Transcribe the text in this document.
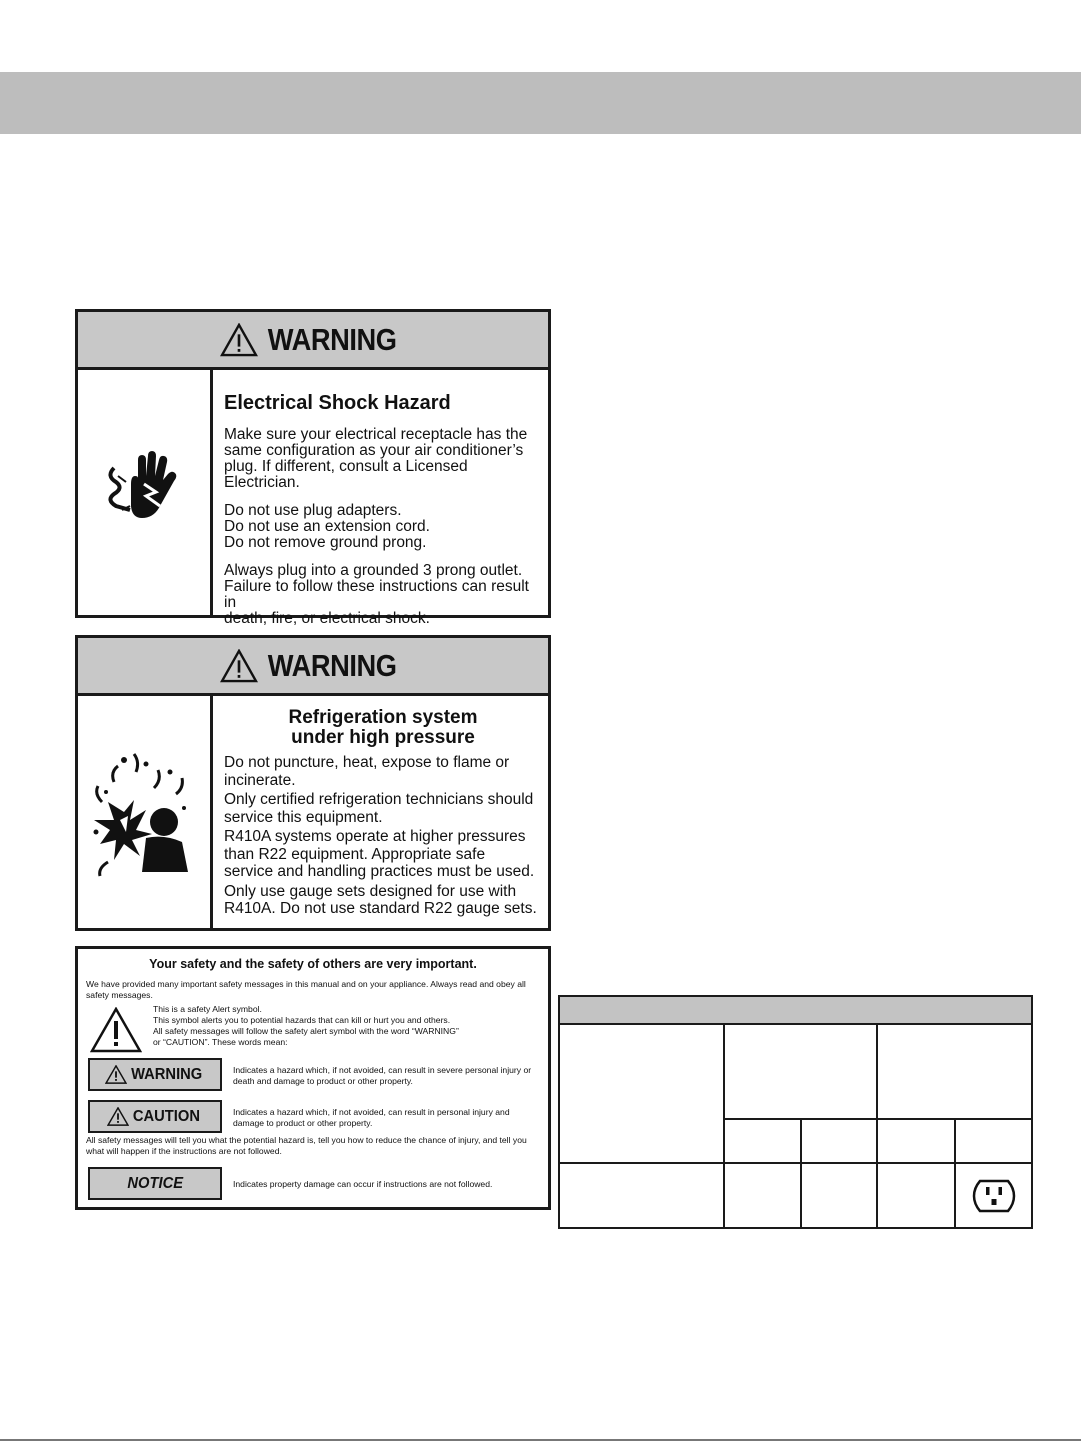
WARNING
Electrical Shock Hazard
Make sure your electrical receptacle has the
same configuration as your air conditioner’s
plug. If different, consult a Licensed Electrician.
Do not use plug adapters.
Do not use an extension cord.
Do not remove ground prong.
Always plug into a grounded 3 prong outlet.
Failure to follow these instructions can result in
death, fire, or electrical shock.
WARNING
Refrigeration system
under high pressure
Do not puncture, heat, expose to flame or
incinerate.
Only certified refrigeration technicians should
service this equipment.
R410A systems operate at higher pressures
than R22 equipment. Appropriate safe
service and handling practices must be used.
Only use gauge sets designed for use with
R410A. Do not use standard R22 gauge sets.
Your safety and the safety of others are very important.
We have provided many important safety messages in this manual and on your appliance. Always read and obey all safety messages.
This is a safety Alert symbol.
This symbol alerts you to potential hazards that can kill or hurt you and others.
All safety messages will follow the safety alert symbol with the word “WARNING”
or “CAUTION”. These words mean:
WARNING	Indicates a hazard which, if not avoided, can result in severe personal injury or death and damage to product or other property.
CAUTION	Indicates a hazard which, if not avoided, can result in personal injury and damage to product or other property.
All safety messages will tell you what the potential hazard is, tell you how to reduce the chance of injury, and tell you what will happen if the instructions are not followed.
NOTICE	Indicates property damage can occur if instructions are not followed.
